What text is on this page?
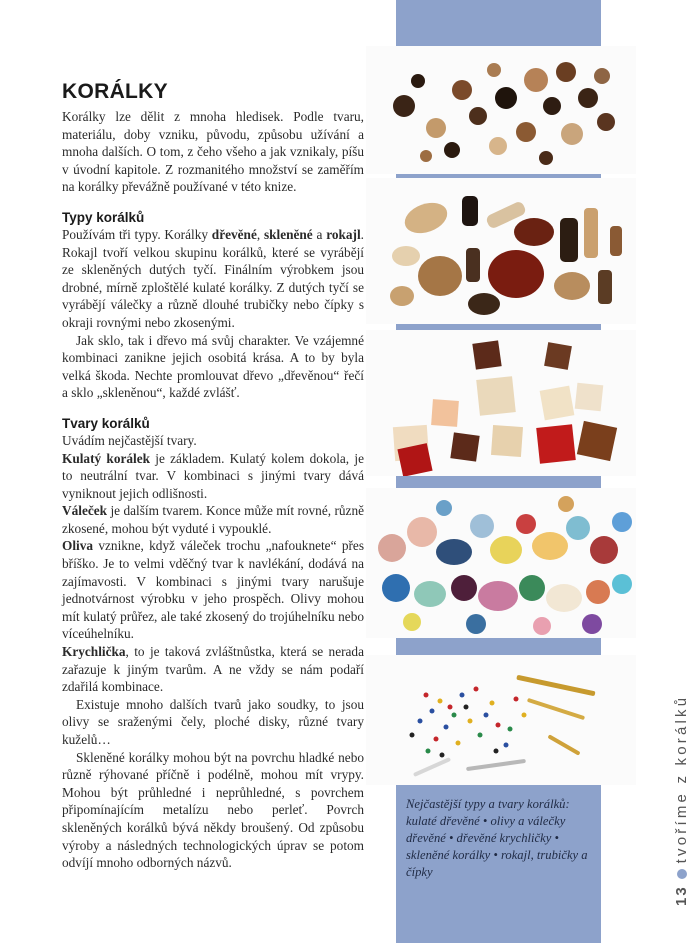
KORÁLKY

Korálky lze dělit z mnoha hledisek. Podle tvaru, materiálu, doby vzniku, původu, způsobu užívání a mnoha dalších. O tom, z čeho všeho a jak vznikaly, píšu v úvodní kapitole. Z rozmanitého množství se zaměřím na korálky převážně používané v této knize.

Typy korálků

Používám tři typy. Korálky dřevěné, skleněné a rokajl. Rokajl tvoří velkou skupinu korálků, které se vyrábějí ze skleněných dutých tyčí. Finálním výrobkem jsou drobné, mírně zploštělé kulaté korálky. Z dutých tyčí se vyrábějí válečky a různě dlouhé trubičky nebo čípky s okraji rovnými nebo zkosenými.

Jak sklo, tak i dřevo má svůj charakter. Ve vzájemné kombinaci zanikne jejich osobitá krása. A to by byla velká škoda. Nechte promlouvat dřevo „dřevěnou“ řečí a sklo „skleněnou“, každé zvlášť.

Tvary korálků

Uvádím nejčastější tvary.

Kulatý korálek je základem. Kulatý kolem dokola, je to neutrální tvar. V kombinaci s jinými tvary dává vyniknout jejich odlišnosti.

Váleček je dalším tvarem. Konce může mít rovné, různě zkosené, mohou být vyduté i vypouklé.

Oliva vznikne, když váleček trochu „nafouknete“ přes bříško. Je to velmi vděčný tvar k navlékání, dodává na zajímavosti. V kombinaci s jinými tvary narušuje jednotvárnost výrobku v jeho prospěch. Olivy mohou mít kulatý průřez, ale také zkosený do trojúhelníku nebo víceúhelníku.

Krychlička, to je taková zvláštnůstka, která se nerada zařazuje k jiným tvarům. A ne vždy se nám podaří zdařilá kombinace.

Existuje mnoho dalších tvarů jako soudky, to jsou olivy se sraženými čely, ploché disky, různé tvary kuželů…

Skleněné korálky mohou být na povrchu hladké nebo různě rýhované příčně i podélně, mohou mít vrypy. Mohou být průhledné i neprůhledné, s povrchem připomínajícím metalízu nebo perleť. Povrch skleněných korálků bývá někdy broušený. Od způsobu výroby a následných technologických úprav se potom odvíjí mnoho odborných názvů.

Nejčastější typy a tvary korálků: kulaté dřevěné • olivy a válečky dřevěné • dřevěné krychličky • skleněné korálky • rokajl, trubičky a čípky
13tvoříme z korálků
